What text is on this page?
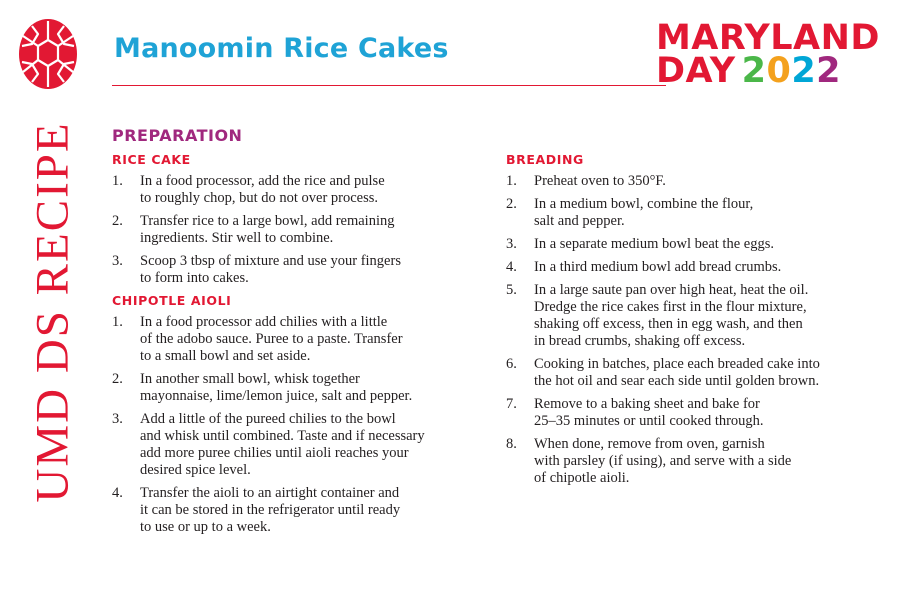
UMD DS RECIPE
Manoomin Rice Cakes	MARYLAND
DAY 2022
PREPARATION
RICE CAKE
1. In a food processor, add the rice and pulse
to roughly chop, but do not over process.
2. Transfer rice to a large bowl, add remaining
ingredients. Stir well to combine.
3. Scoop 3 tbsp of mixture and use your fingers
to form into cakes.
CHIPOTLE AIOLI
1. In a food processor add chilies with a little
of the adobo sauce. Puree to a paste. Transfer
to a small bowl and set aside.
2. In another small bowl, whisk together
mayonnaise, lime/lemon juice, salt and pepper.
3. Add a little of the pureed chilies to the bowl
and whisk until combined. Taste and if necessary
add more puree chilies until aioli reaches your
desired spice level.
4. Transfer the aioli to an airtight container and
it can be stored in the refrigerator until ready
to use or up to a week.
BREADING
1. Preheat oven to 350°F.
2. In a medium bowl, combine the flour,
salt and pepper.
3. In a separate medium bowl beat the eggs.
4. In a third medium bowl add bread crumbs.
5. In a large saute pan over high heat, heat the oil.
Dredge the rice cakes first in the flour mixture,
shaking off excess, then in egg wash, and then
in bread crumbs, shaking off excess.
6. Cooking in batches, place each breaded cake into
the hot oil and sear each side until golden brown.
7. Remove to a baking sheet and bake for
25–35 minutes or until cooked through.
8. When done, remove from oven, garnish
with parsley (if using), and serve with a side
of chipotle aioli.
